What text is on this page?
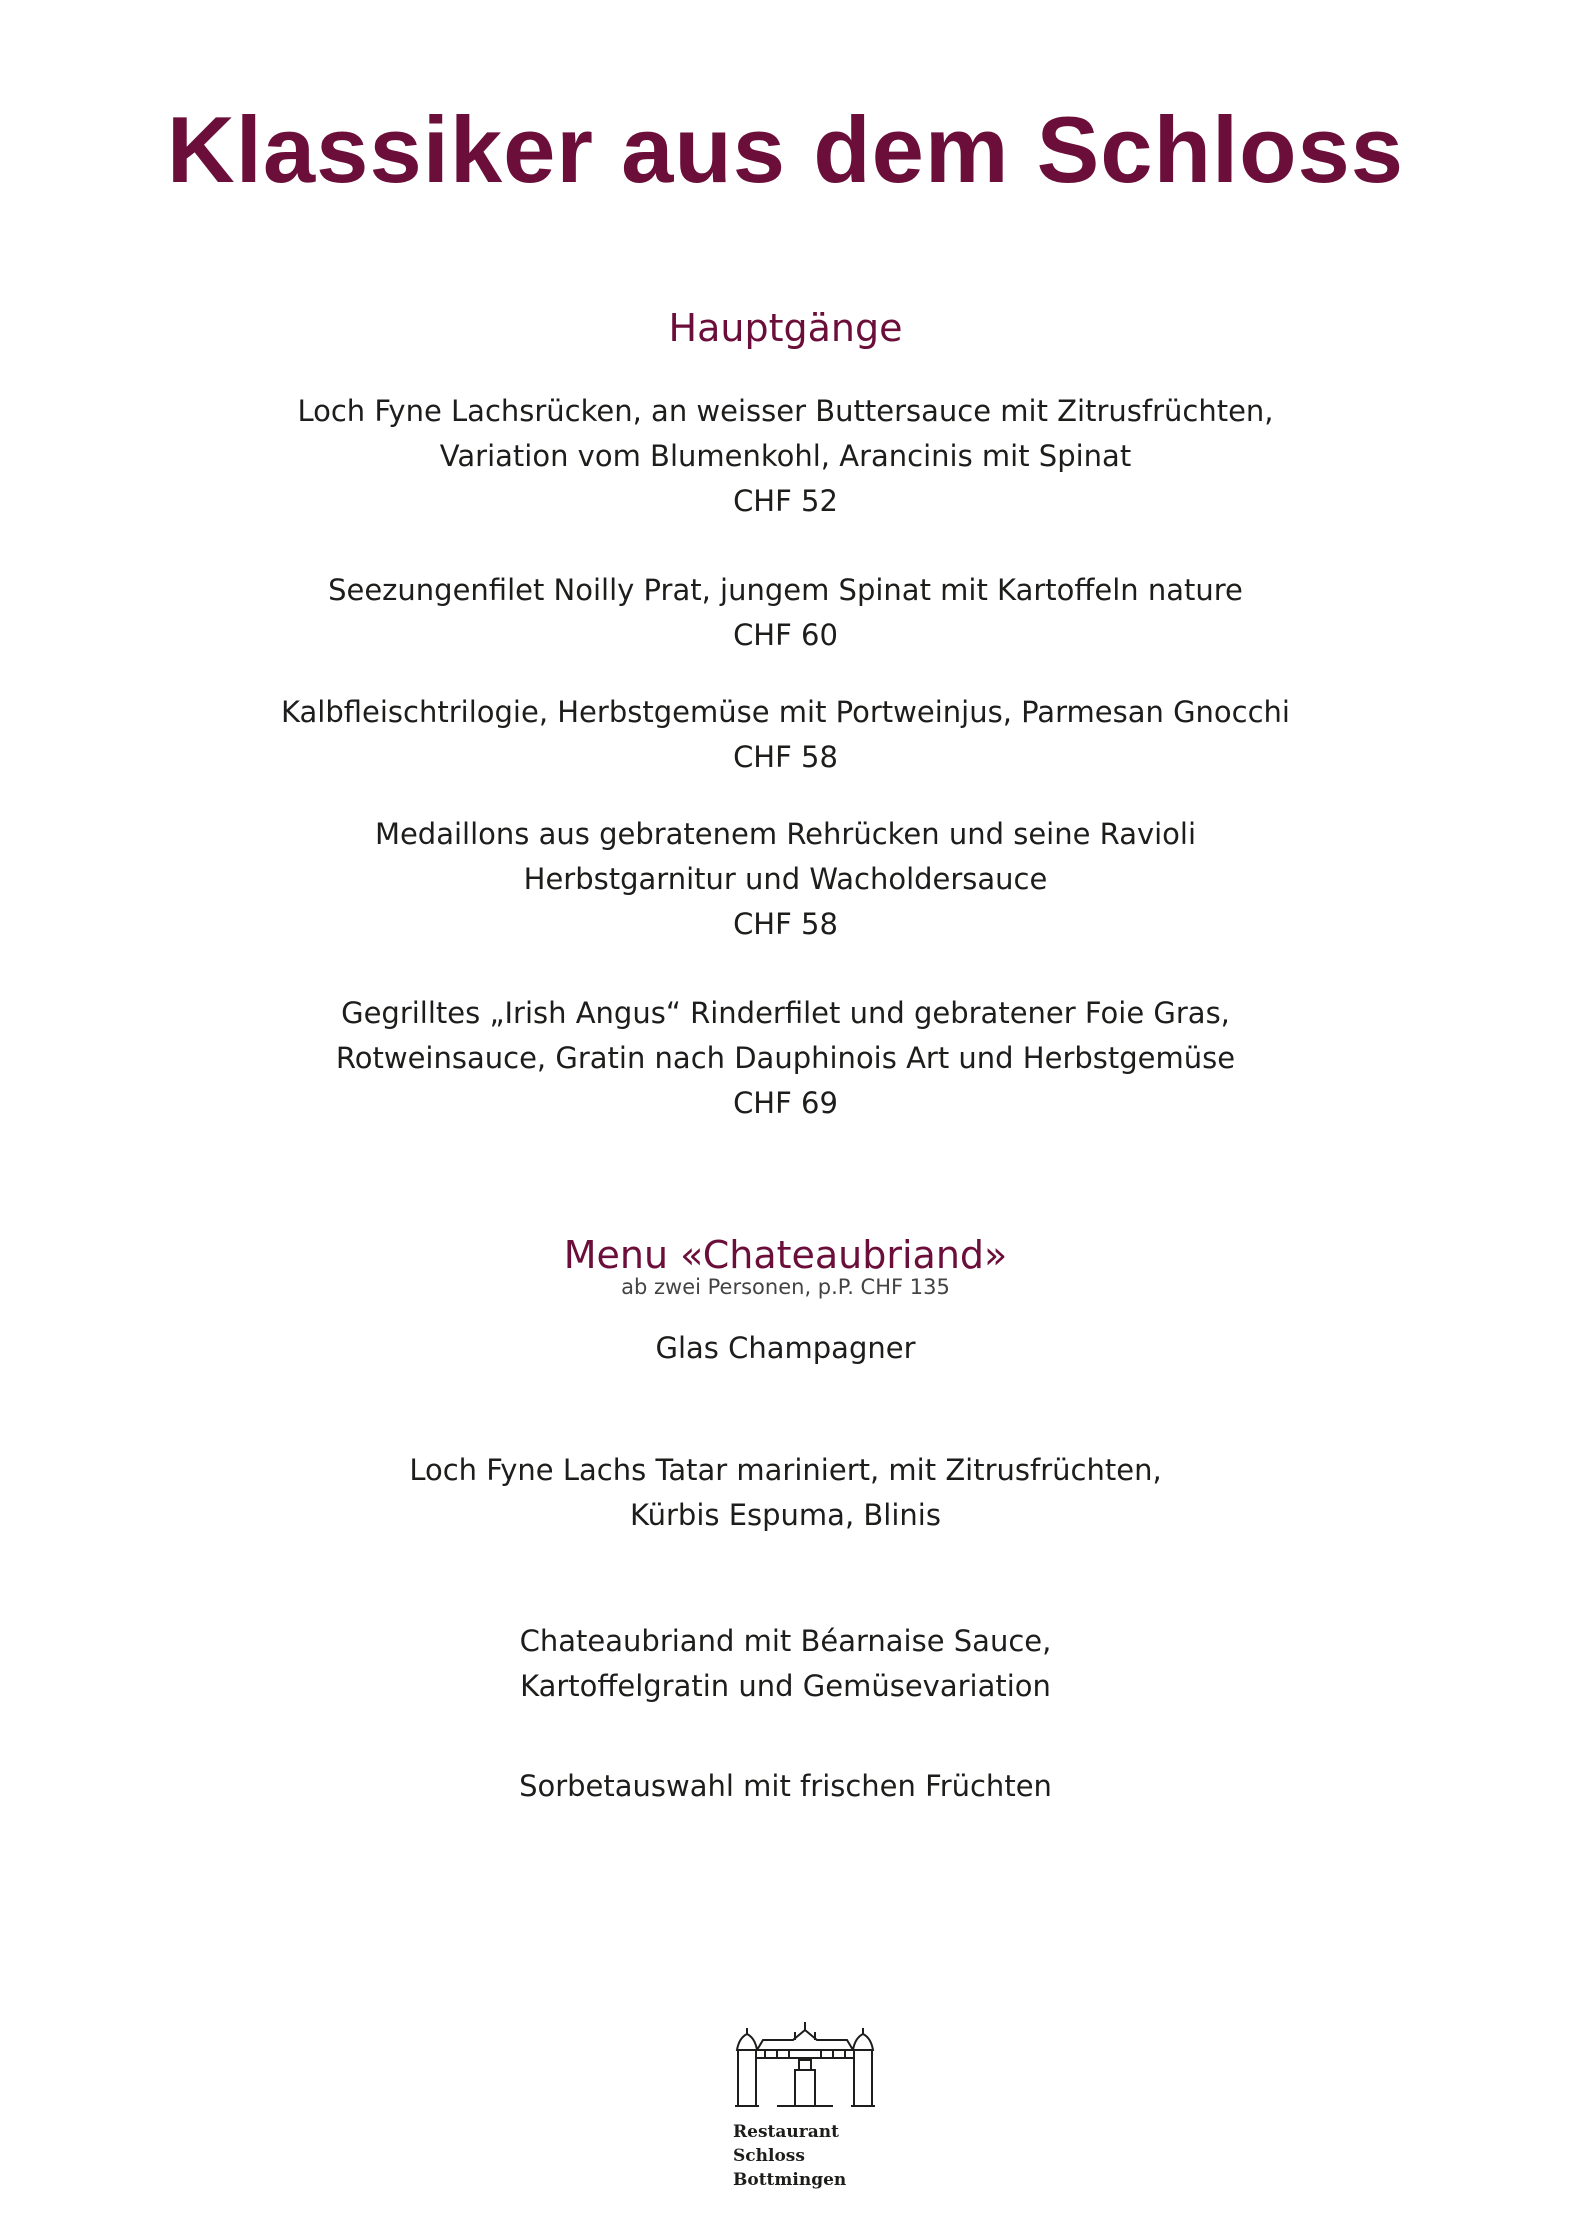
Klassiker aus dem Schloss
Hauptgänge
Loch Fyne Lachsrücken, an weisser Buttersauce mit Zitrusfrüchten,
Variation vom Blumenkohl, Arancinis mit Spinat
CHF 52
Seezungenfilet Noilly Prat, jungem Spinat mit Kartoffeln nature
CHF 60
Kalbfleischtrilogie, Herbstgemüse mit Portweinjus, Parmesan Gnocchi
CHF 58
Medaillons aus gebratenem Rehrücken und seine Ravioli
Herbstgarnitur und Wacholdersauce
CHF 58
Gegrilltes „Irish Angus“ Rinderfilet und gebratener Foie Gras,
Rotweinsauce, Gratin nach Dauphinois Art und Herbstgemüse
CHF 69
Menu «Chateaubriand»

ab zwei Personen, p.P. CHF 135

Glas Champagner
Loch Fyne Lachs Tatar mariniert, mit Zitrusfrüchten,
Kürbis Espuma, Blinis
Chateaubriand mit Béarnaise Sauce,
Kartoffelgratin und Gemüsevariation
Sorbetauswahl mit frischen Früchten
Restaurant
Schloss
Bottmingen
